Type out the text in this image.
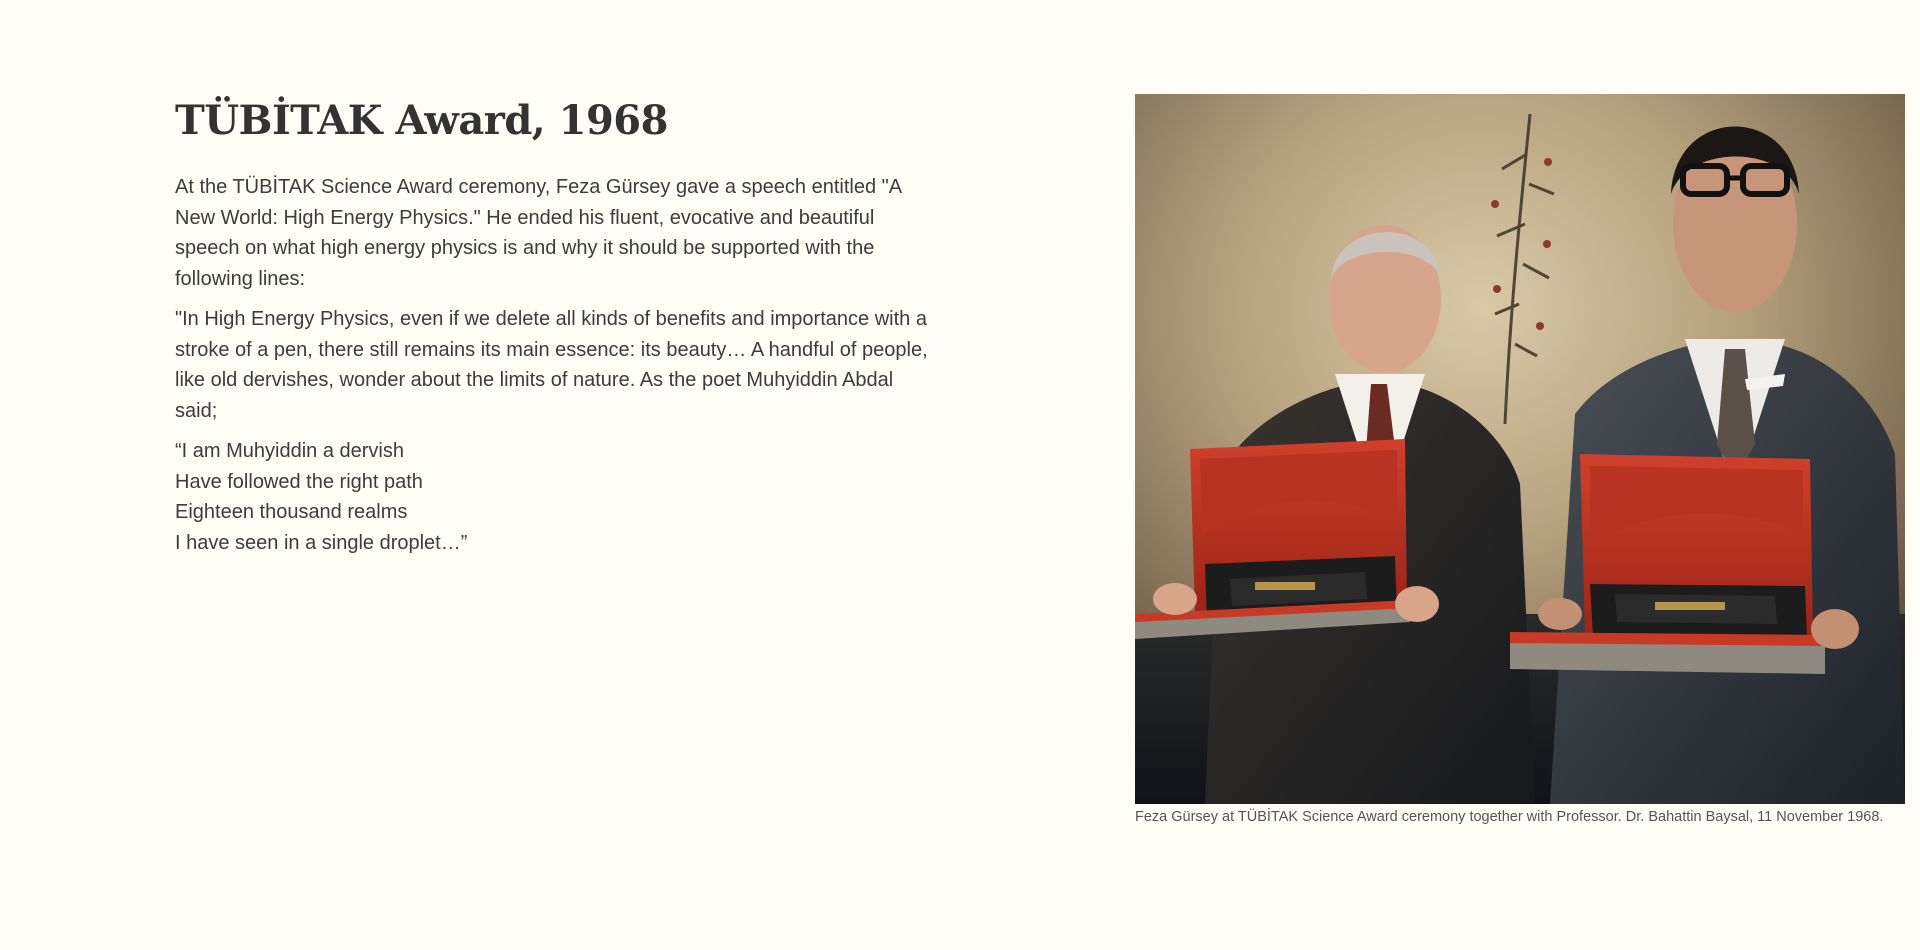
TÜBİTAK Award, 1968

At the TÜBİTAK Science Award ceremony, Feza Gürsey gave a speech entitled "A New World: High Energy Physics." He ended his fluent, evocative and beautiful speech on what high energy physics is and why it should be supported with the following lines:

"In High Energy Physics, even if we delete all kinds of benefits and importance with a stroke of a pen, there still remains its main essence: its beauty… A handful of people, like old dervishes, wonder about the limits of nature. As the poet Muhyiddin Abdal said;

“I am Muhyiddin a dervish
Have followed the right path
Eighteen thousand realms
I have seen in a single droplet…”

Feza Gürsey at TÜBİTAK Science Award ceremony together with Professor. Dr. Bahattin Baysal, 11 November 1968.
